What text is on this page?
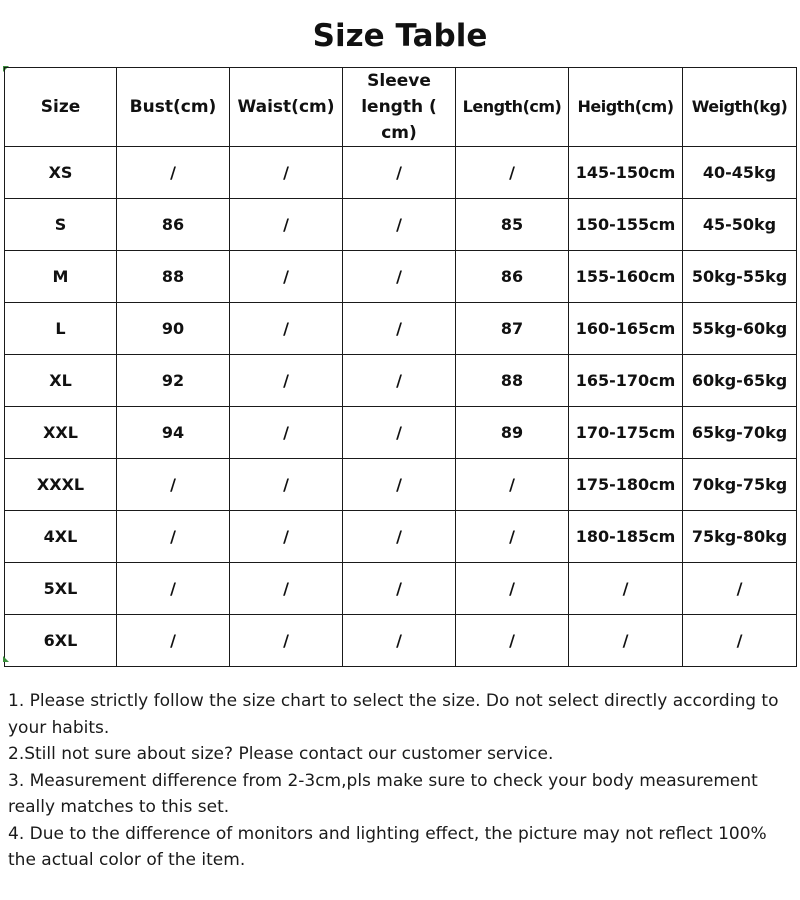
Size Table
Size	Bust(cm)	Waist(cm)	Sleeve length ( cm)	Length(cm)	Heigth(cm)	Weigth(kg)
XS	/	/	/	/	145-150cm	40-45kg
S	86	/	/	85	150-155cm	45-50kg
M	88	/	/	86	155-160cm	50kg-55kg
L	90	/	/	87	160-165cm	55kg-60kg
XL	92	/	/	88	165-170cm	60kg-65kg
XXL	94	/	/	89	170-175cm	65kg-70kg
XXXL	/	/	/	/	175-180cm	70kg-75kg
4XL	/	/	/	/	180-185cm	75kg-80kg
5XL	/	/	/	/	/	/
6XL	/	/	/	/	/	/

1. Please strictly follow the size chart to select the size. Do not select directly according to your habits.

2.Still not sure about size? Please contact our customer service.

3. Measurement difference from 2-3cm,pls make sure to check your body measurement really matches to this set.

4. Due to the difference of monitors and lighting effect, the picture may not reflect 100% the actual color of the item.
